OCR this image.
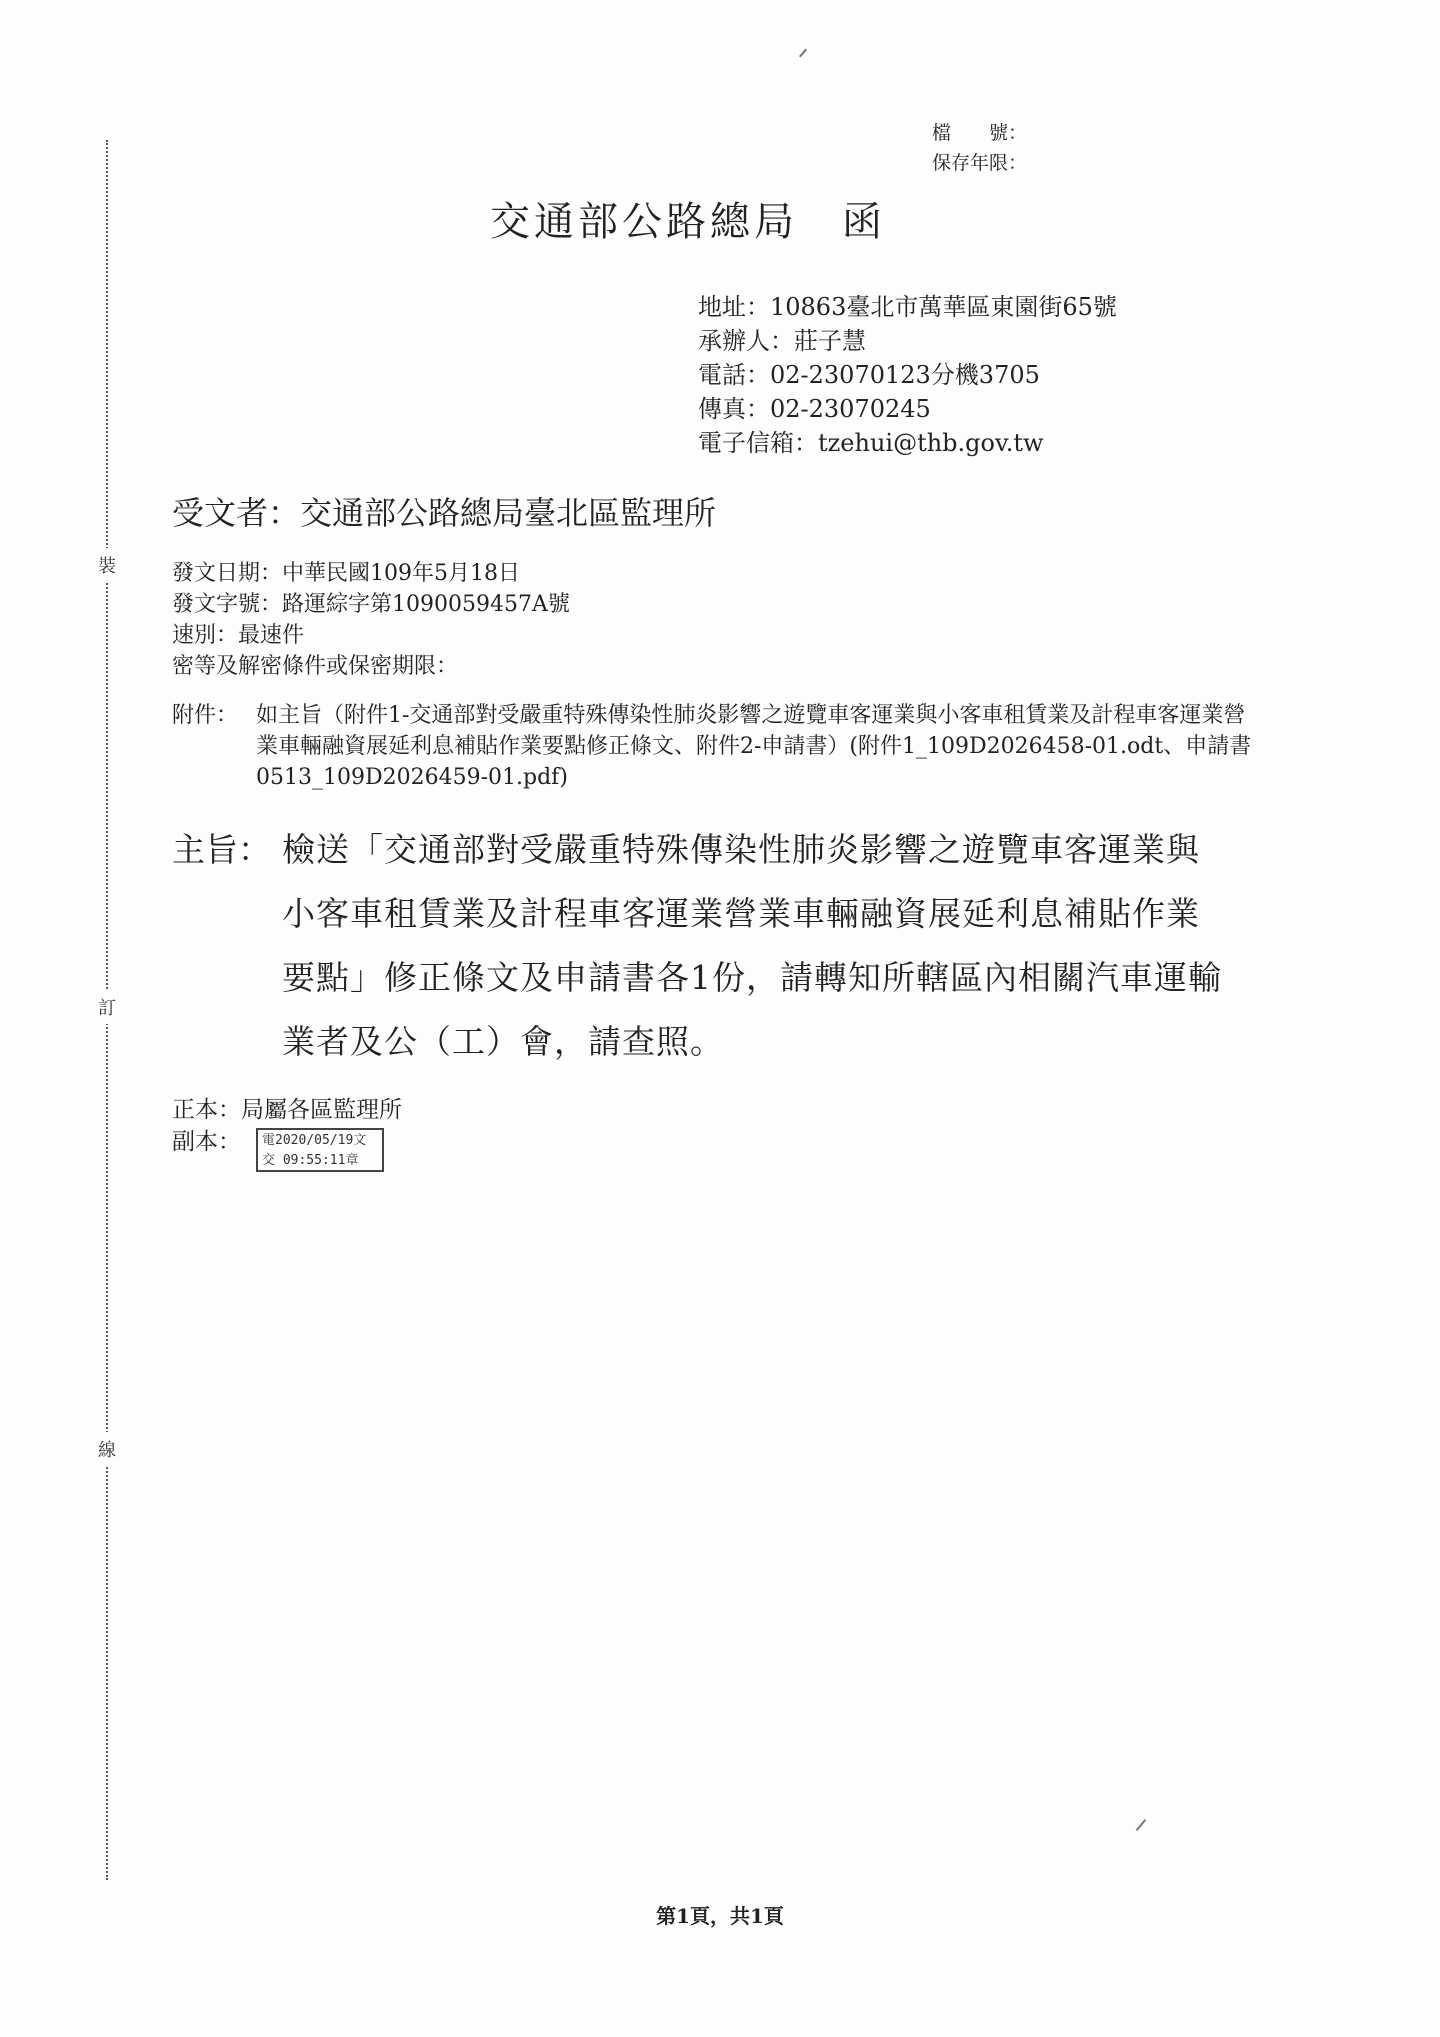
裝
訂
線
檔　　號：
保存年限：
交通部公路總局　函
地址：10863臺北市萬華區東園街65號
承辦人：莊子慧
電話：02-23070123分機3705
傳真：02-23070245
電子信箱：tzehui@thb.gov.tw
受文者：交通部公路總局臺北區監理所
發文日期：中華民國109年5月18日
發文字號：路運綜字第1090059457A號
速別：最速件
密等及解密條件或保密期限：
附件： 如主旨（附件1-交通部對受嚴重特殊傳染性肺炎影響之遊覽車客運業與小客車租賃業及計程車客運業營業車輛融資展延利息補貼作業要點修正條文、附件2-申請書）(附件1_109D2026458-01.odt、申請書0513_109D2026459-01.pdf)
主旨： 檢送「交通部對受嚴重特殊傳染性肺炎影響之遊覽車客運業與小客車租賃業及計程車客運業營業車輛融資展延利息補貼作業要點」修正條文及申請書各1份，請轉知所轄區內相關汽車運輸業者及公（工）會，請查照。
正本：局屬各區監理所
副本：	電2020/05/19文
交 09:55:11章
第1頁，共1頁
